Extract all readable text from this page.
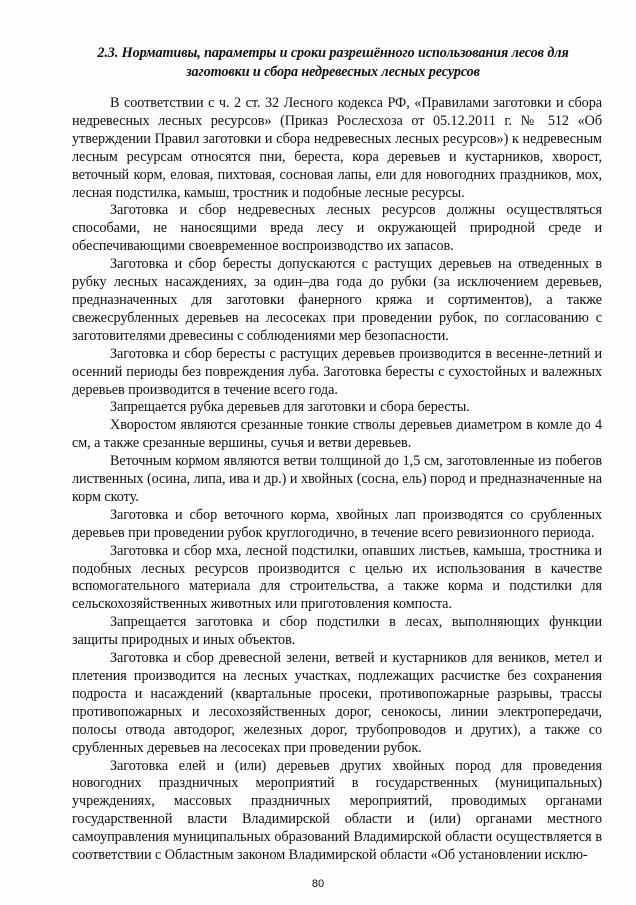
2.3. Нормативы, параметры и сроки разрешённого использования лесов для заготовки и сбора недревесных лесных ресурсов

В соответствии с ч. 2 ст. 32 Лесного кодекса РФ, «Правилами заготовки и сбора недревесных лесных ресурсов» (Приказ Рослесхоза от 05.12.2011 г. № 512 «Об утверждении Правил заготовки и сбора недревесных лесных ресурсов») к недревесным лесным ресурсам относятся пни, береста, кора деревьев и кустарников, хворост, веточный корм, еловая, пихтовая, сосновая лапы, ели для новогодних праздников, мох, лесная подстилка, камыш, тростник и подобные лесные ресурсы.

Заготовка и сбор недревесных лесных ресурсов должны осуществляться способами, не наносящими вреда лесу и окружающей природной среде и обеспечивающими своевременное воспроизводство их запасов.

Заготовка и сбор бересты допускаются с растущих деревьев на отведенных в рубку лесных насаждениях, за один–два года до рубки (за исключением деревьев, предназначенных для заготовки фанерного кряжа и сортиментов), а также свежесрубленных деревьев на лесосеках при проведении рубок, по согласованию с заготовителями древесины с соблюдениями мер безопасности.

Заготовка и сбор бересты с растущих деревьев производится в весенне-летний и осенний периоды без повреждения луба. Заготовка бересты с сухостойных и валежных деревьев производится в течение всего года.

Запрещается рубка деревьев для заготовки и сбора бересты.

Хворостом являются срезанные тонкие стволы деревьев диаметром в комле до 4 см, а также срезанные вершины, сучья и ветви деревьев.

Веточным кормом являются ветви толщиной до 1,5 см, заготовленные из побегов лиственных (осина, липа, ива и др.) и хвойных (сосна, ель) пород и предназначенные на корм скоту.

Заготовка и сбор веточного корма, хвойных лап производятся со срубленных деревьев при проведении рубок круглогодично, в течение всего ревизионного периода.

Заготовка и сбор мха, лесной подстилки, опавших листьев, камыша, тростника и подобных лесных ресурсов производится с целью их использования в качестве вспомогательного материала для строительства, а также корма и подстилки для сельскохозяйственных животных или приготовления компоста.

Запрещается заготовка и сбор подстилки в лесах, выполняющих функции защиты природных и иных объектов.

Заготовка и сбор древесной зелени, ветвей и кустарников для веников, метел и плетения производится на лесных участках, подлежащих расчистке без сохранения подроста и насаждений (квартальные просеки, противопожарные разрывы, трассы противопожарных и лесохозяйственных дорог, сенокосы, линии электропередачи, полосы отвода автодорог, железных дорог, трубопроводов и других), а также со срубленных деревьев на лесосеках при проведении рубок.

Заготовка елей и (или) деревьев других хвойных пород для проведения новогодних праздничных мероприятий в государственных (муниципальных) учреждениях, массовых праздничных мероприятий, проводимых органами государственной власти Владимирской области и (или) органами местного самоуправления муниципальных образований Владимирской области осуществляется в соответствии с Областным законом Владимирской области «Об установлении исклю-

80
